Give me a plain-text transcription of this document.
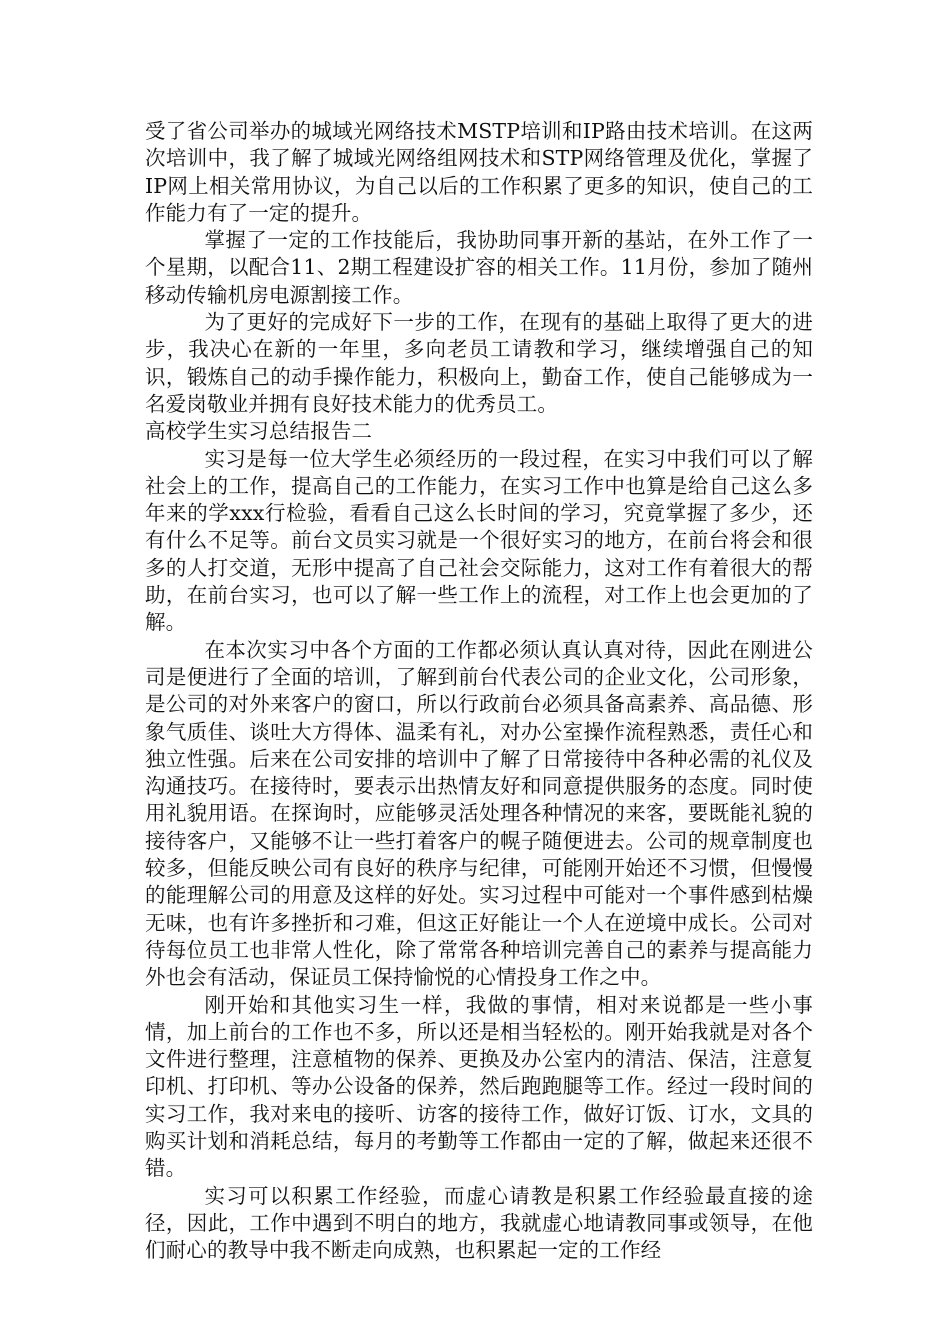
受了省公司举办的城域光网络技术MSTP培训和IP路由技术培训。在这两次培训中，我了解了城域光网络组网技术和STP网络管理及优化，掌握了IP网上相关常用协议，为自己以后的工作积累了更多的知识，使自己的工作能力有了一定的提升。

掌握了一定的工作技能后，我协助同事开新的基站，在外工作了一个星期，以配合11、2期工程建设扩容的相关工作。11月份，参加了随州移动传输机房电源割接工作。

为了更好的完成好下一步的工作，在现有的基础上取得了更大的进步，我决心在新的一年里，多向老员工请教和学习，继续增强自己的知识，锻炼自己的动手操作能力，积极向上，勤奋工作，使自己能够成为一名爱岗敬业并拥有良好技术能力的优秀员工。

高校学生实习总结报告二

实习是每一位大学生必须经历的一段过程，在实习中我们可以了解社会上的工作，提高自己的工作能力，在实习工作中也算是给自己这么多年来的学xxx行检验，看看自己这么长时间的学习，究竟掌握了多少，还有什么不足等。前台文员实习就是一个很好实习的地方，在前台将会和很多的人打交道，无形中提高了自己社会交际能力，这对工作有着很大的帮助，在前台实习，也可以了解一些工作上的流程，对工作上也会更加的了解。

在本次实习中各个方面的工作都必须认真认真对待，因此在刚进公司是便进行了全面的培训，了解到前台代表公司的企业文化，公司形象，是公司的对外来客户的窗口，所以行政前台必须具备高素养、高品德、形象气质佳、谈吐大方得体、温柔有礼，对办公室操作流程熟悉，责任心和独立性强。后来在公司安排的培训中了解了日常接待中各种必需的礼仪及沟通技巧。在接待时，要表示出热情友好和同意提供服务的态度。同时使用礼貌用语。在探询时，应能够灵活处理各种情况的来客，要既能礼貌的接待客户，又能够不让一些打着客户的幌子随便进去。公司的规章制度也较多，但能反映公司有良好的秩序与纪律，可能刚开始还不习惯，但慢慢的能理解公司的用意及这样的好处。实习过程中可能对一个事件感到枯燥无味，也有许多挫折和刁难，但这正好能让一个人在逆境中成长。公司对待每位员工也非常人性化，除了常常各种培训完善自己的素养与提高能力外也会有活动，保证员工保持愉悦的心情投身工作之中。

刚开始和其他实习生一样，我做的事情，相对来说都是一些小事情，加上前台的工作也不多，所以还是相当轻松的。刚开始我就是对各个文件进行整理，注意植物的保养、更换及办公室内的清洁、保洁，注意复印机、打印机、等办公设备的保养，然后跑跑腿等工作。经过一段时间的实习工作，我对来电的接听、访客的接待工作，做好订饭、订水，文具的购买计划和消耗总结，每月的考勤等工作都由一定的了解，做起来还很不错。

实习可以积累工作经验，而虚心请教是积累工作经验最直接的途径，因此，工作中遇到不明白的地方，我就虚心地请教同事或领导，在他们耐心的教导中我不断走向成熟，也积累起一定的工作经
